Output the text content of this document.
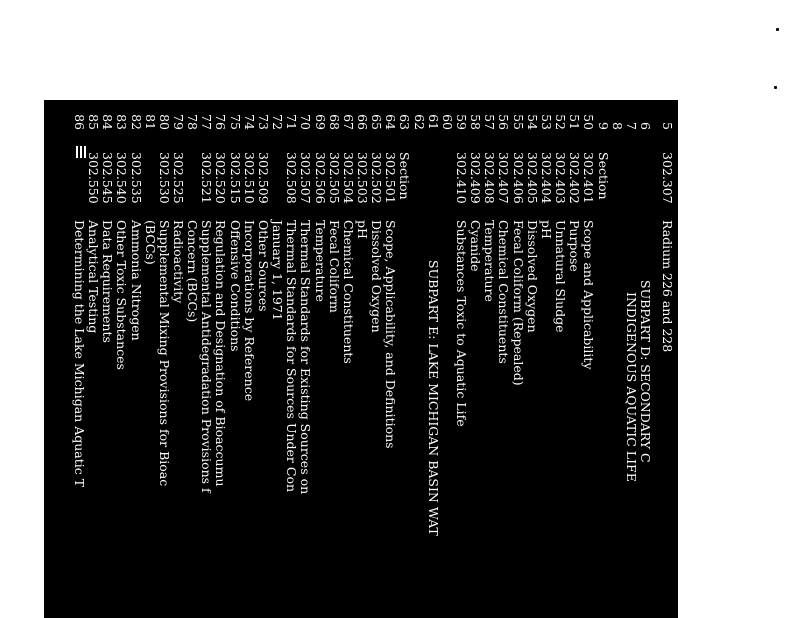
5
302.307
Radium 226 and 228
6
SUBPART D: SECONDARY C
7
INDIGENOUS AQUATIC LIFE
8
9
Section
50
302.401
Scope and Applicability
51
302.402
Purpose
52
302.403
Unnatural Sludge
53
302.404
pH
54
302.405
Dissolved Oxygen
55
302.406
Fecal Coliform (Repealed)
56
302.407
Chemical Constituents
57
302.408
Temperature
58
302.409
Cyanide
59
302.410
Substances Toxic to Aquatic Life
60
61
SUBPART E: LAKE MICHIGAN BASIN WAT
62
63
Section
64
302.501
Scope, Applicability, and Definitions
65
302.502
Dissolved Oxygen
66
302.503
pH
67
302.504
Chemical Constituents
68
302.505
Fecal Coliform
69
302.506
Temperature
70
302.507
Thermal Standards for Existing Sources on
71
302.508
Thermal Standards for Sources Under Con
72
January 1, 1971
73
302.509
Other Sources
74
302.510
Incorporations by Reference
75
302.515
Offensive Conditions
76
302.520
Regulation and Designation of Bioaccumu
77
302.521
Supplemental Antidegradation Provisions f
78
Concern (BCCs)
79
302.525
Radioactivity
80
302.530
Supplemental Mixing Provisions for Bioac
81
(BCCs)
82
302.535
Ammonia Nitrogen
83
302.540
Other Toxic Substances
84
302.545
Data Requirements
85
302.550
Analytical Testing
86
Determining the Lake Michigan Aquatic T
